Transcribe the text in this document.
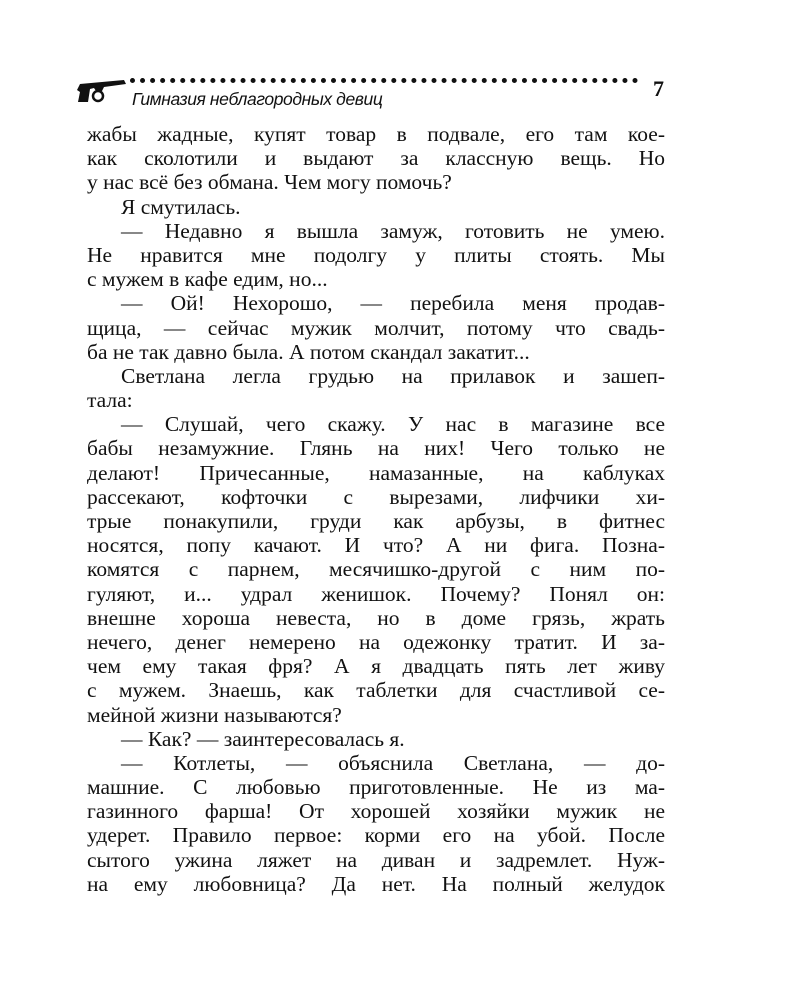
Гимназия неблагородных девиц	7
жабы жадные, купят товар в подвале, его там кое-
как сколотили и выдают за классную вещь. Но
у нас всё без обмана. Чем могу помочь?
Я смутилась.
— Недавно я вышла замуж, готовить не умею.
Не нравится мне подолгу у плиты стоять. Мы
с мужем в кафе едим, но...
— Ой! Нехорошо, — перебила меня продав-
щица, — сейчас мужик молчит, потому что свадь-
ба не так давно была. А потом скандал закатит...
Светлана легла грудью на прилавок и зашеп-
тала:
— Слушай, чего скажу. У нас в магазине все
бабы незамужние. Глянь на них! Чего только не
делают! Причесанные, намазанные, на каблуках
рассекают, кофточки с вырезами, лифчики хи-
трые понакупили, груди как арбузы, в фитнес
носятся, попу качают. И что? А ни фига. Позна-
комятся с парнем, месячишко-другой с ним по-
гуляют, и... удрал женишок. Почему? Понял он:
внешне хороша невеста, но в доме грязь, жрать
нечего, денег немерено на одежонку тратит. И за-
чем ему такая фря? А я двадцать пять лет живу
с мужем. Знаешь, как таблетки для счастливой се-
мейной жизни называются?
— Как? — заинтересовалась я.
— Котлеты, — объяснила Светлана, — до-
машние. С любовью приготовленные. Не из ма-
газинного фарша! От хорошей хозяйки мужик не
удерет. Правило первое: корми его на убой. После
сытого ужина ляжет на диван и задремлет. Нуж-
на ему любовница? Да нет. На полный желудок
